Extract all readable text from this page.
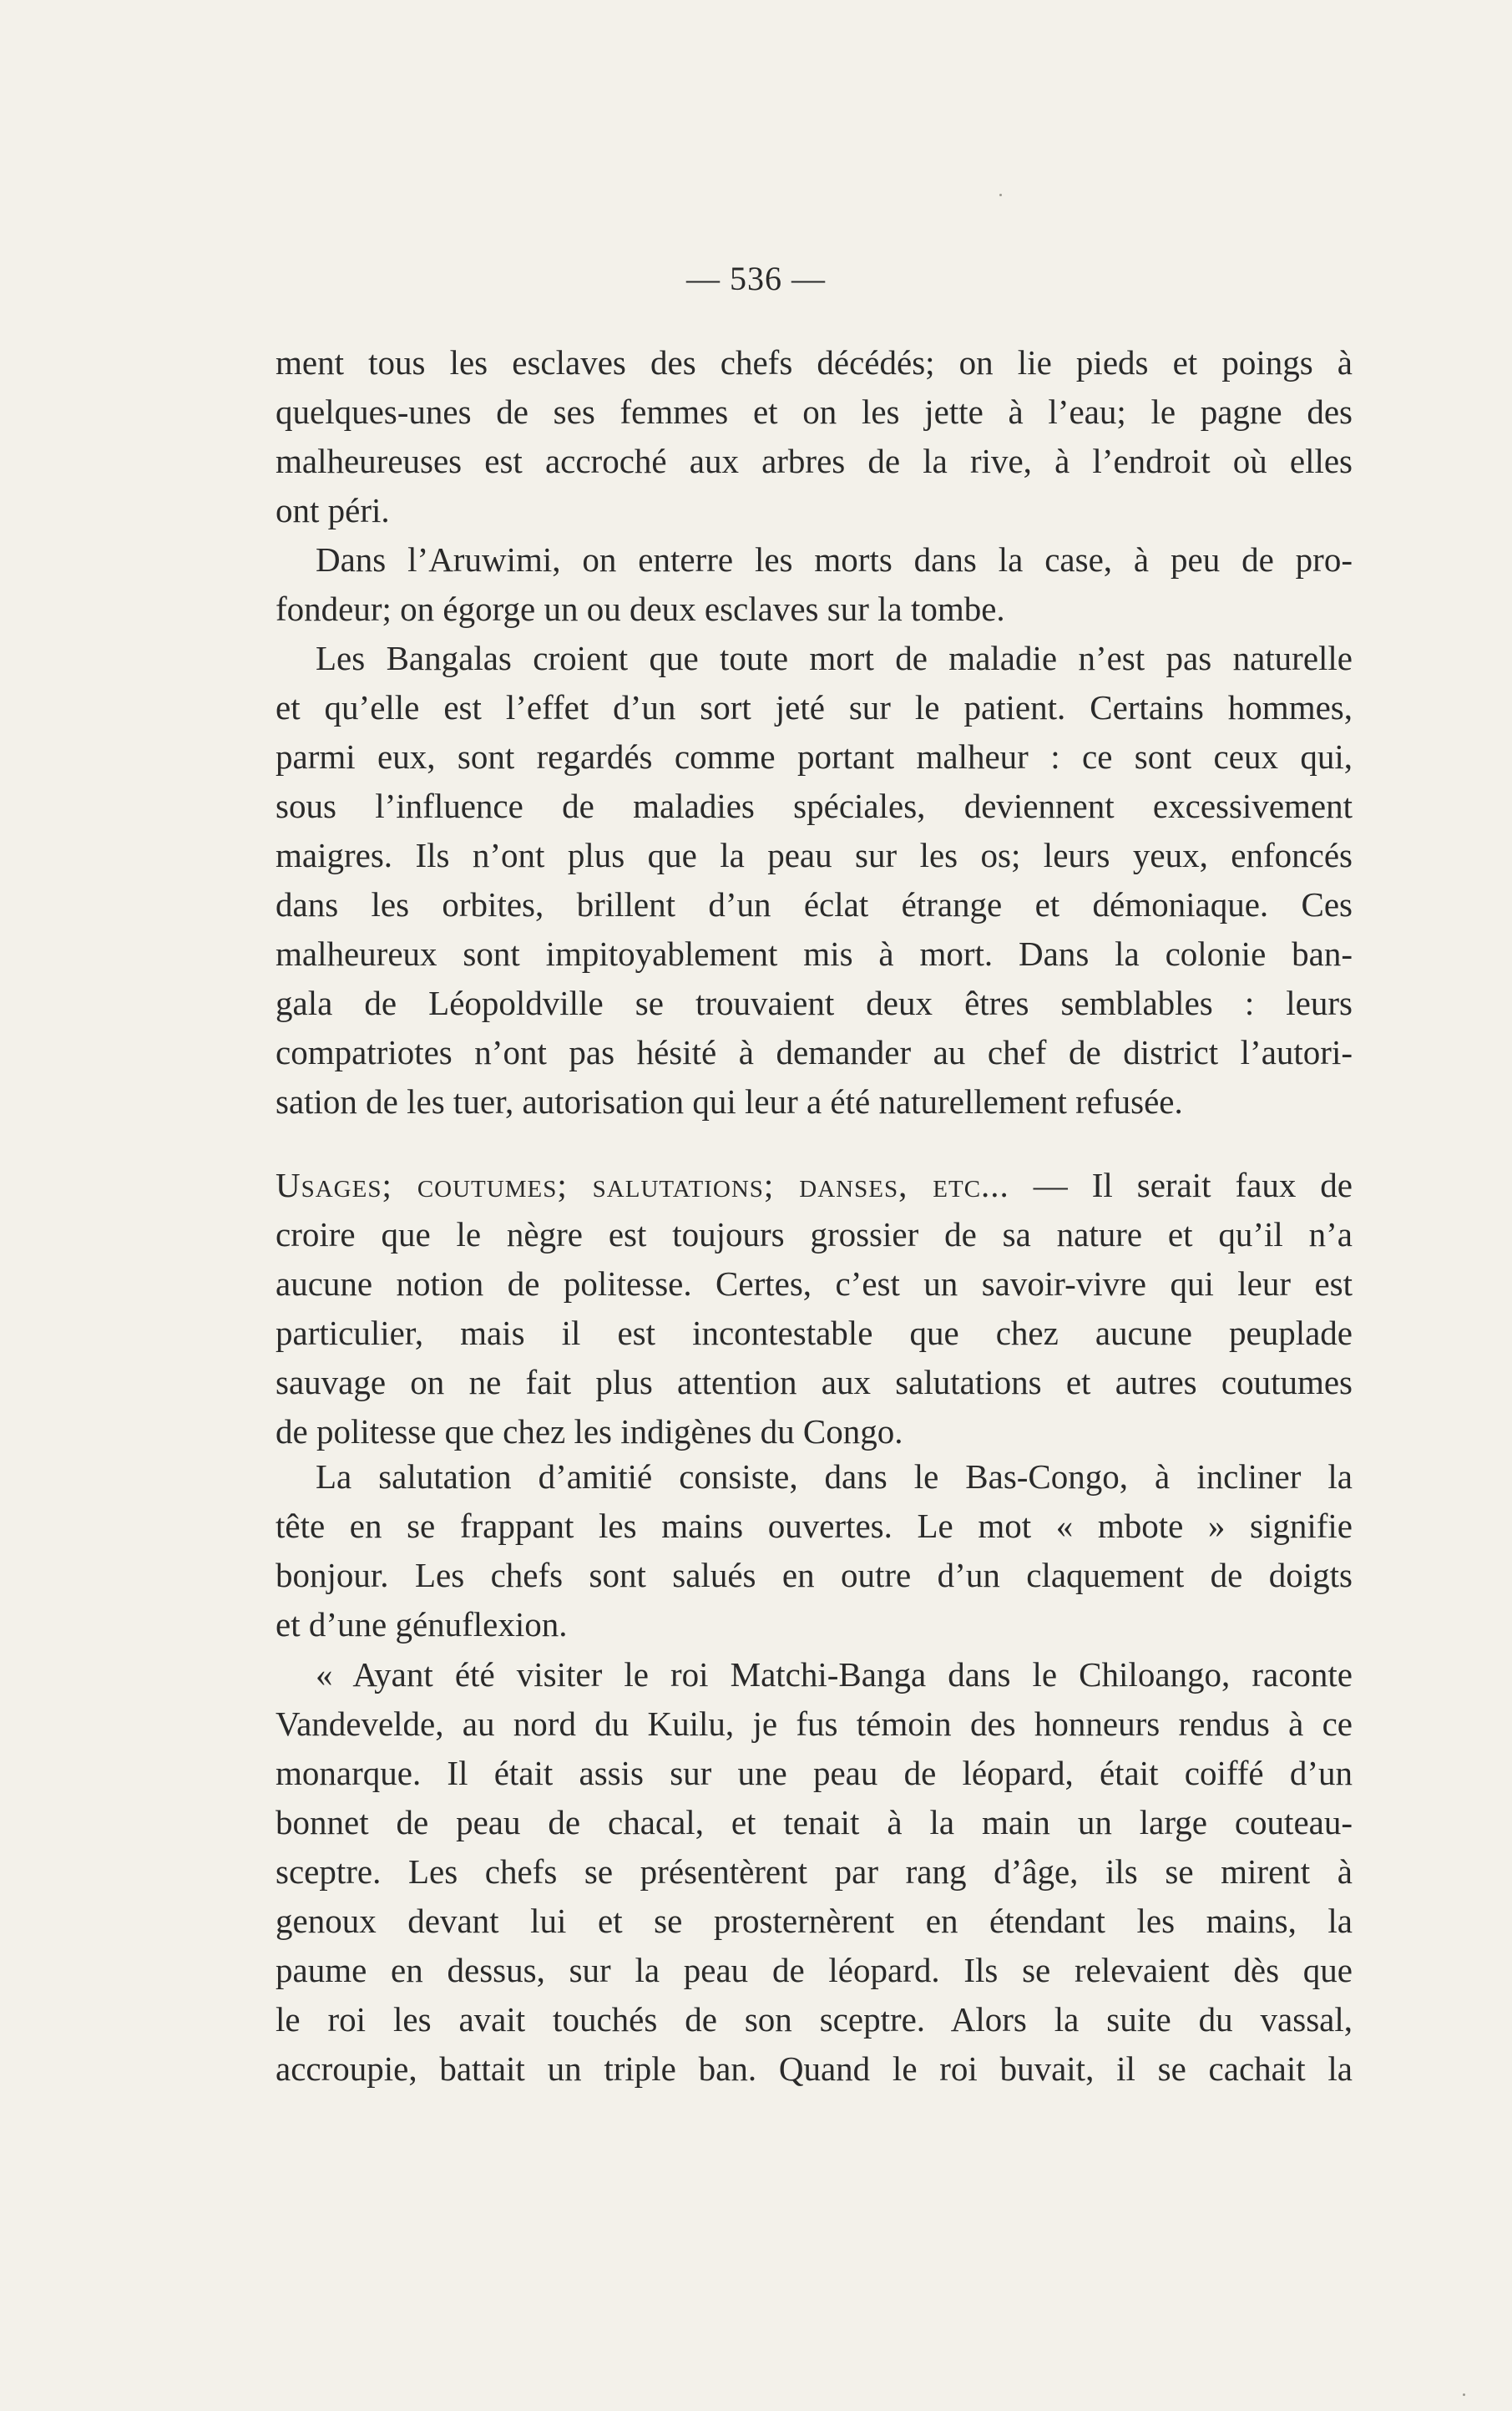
— 536 —

ment tous les esclaves des chefs décédés; on lie pieds et poings à
quelques-unes de ses femmes et on les jette à l’eau; le pagne des
malheureuses est accroché aux arbres de la rive, à l’endroit où elles
ont péri.

Dans l’Aruwimi, on enterre les morts dans la case, à peu de pro-
fondeur; on égorge un ou deux esclaves sur la tombe.

Les Bangalas croient que toute mort de maladie n’est pas naturelle
et qu’elle est l’effet d’un sort jeté sur le patient. Certains hommes,
parmi eux, sont regardés comme portant malheur : ce sont ceux qui,
sous l’influence de maladies spéciales, deviennent excessivement
maigres. Ils n’ont plus que la peau sur les os; leurs yeux, enfoncés
dans les orbites, brillent d’un éclat étrange et démoniaque. Ces
malheureux sont impitoyablement mis à mort. Dans la colonie ban-
gala de Léopoldville se trouvaient deux êtres semblables : leurs
compatriotes n’ont pas hésité à demander au chef de district l’autori-
sation de les tuer, autorisation qui leur a été naturellement refusée.

Usages; coutumes; salutations; danses, etc... — Il serait faux de
croire que le nègre est toujours grossier de sa nature et qu’il n’a
aucune notion de politesse. Certes, c’est un savoir-vivre qui leur est
particulier, mais il est incontestable que chez aucune peuplade
sauvage on ne fait plus attention aux salutations et autres coutumes
de politesse que chez les indigènes du Congo.

La salutation d’amitié consiste, dans le Bas-Congo, à incliner la
tête en se frappant les mains ouvertes. Le mot « mbote » signifie
bonjour. Les chefs sont salués en outre d’un claquement de doigts
et d’une génuflexion.

« Ayant été visiter le roi Matchi-Banga dans le Chiloango, raconte
Vandevelde, au nord du Kuilu, je fus témoin des honneurs rendus à ce
monarque. Il était assis sur une peau de léopard, était coiffé d’un
bonnet de peau de chacal, et tenait à la main un large couteau-
sceptre. Les chefs se présentèrent par rang d’âge, ils se mirent à
genoux devant lui et se prosternèrent en étendant les mains, la
paume en dessus, sur la peau de léopard. Ils se relevaient dès que
le roi les avait touchés de son sceptre. Alors la suite du vassal,
accroupie, battait un triple ban. Quand le roi buvait, il se cachait la
